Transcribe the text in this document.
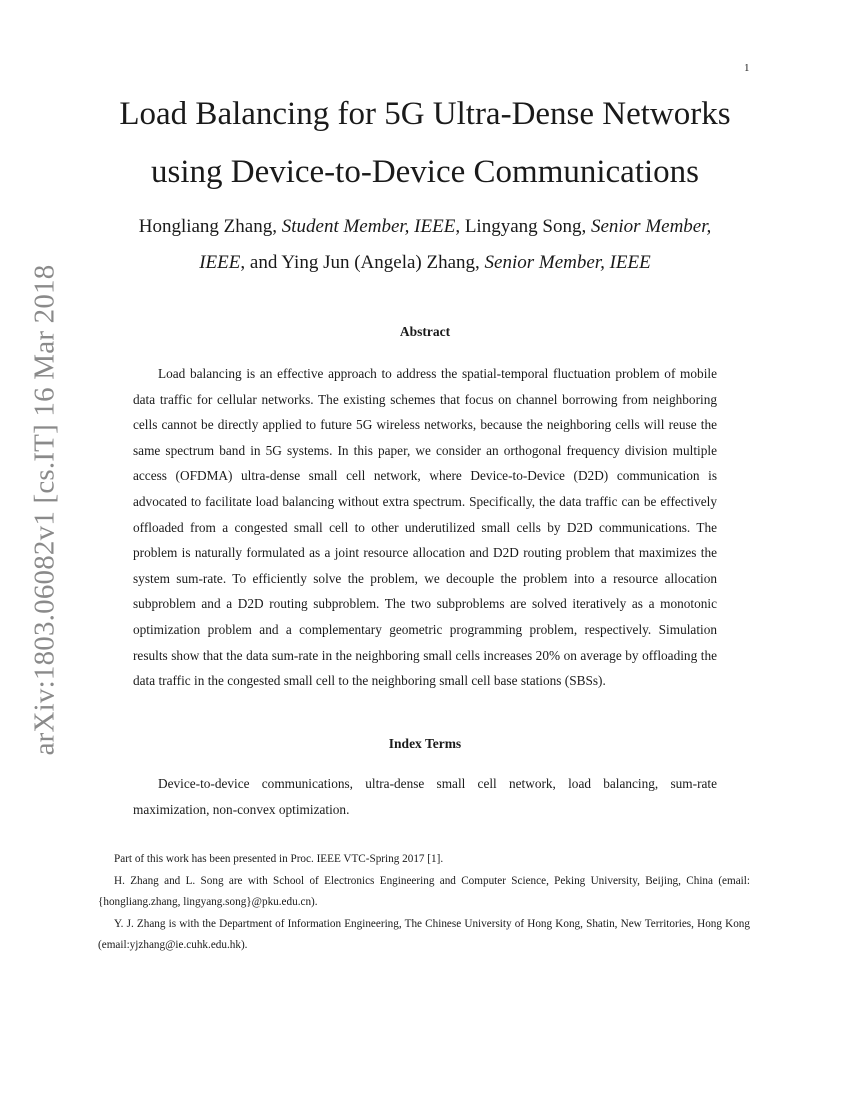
1
arXiv:1803.06082v1 [cs.IT] 16 Mar 2018
Load Balancing for 5G Ultra-Dense Networks
using Device-to-Device Communications
Hongliang Zhang, Student Member, IEEE, Lingyang Song, Senior Member,
IEEE, and Ying Jun (Angela) Zhang, Senior Member, IEEE
Abstract

Load balancing is an effective approach to address the spatial-temporal fluctuation problem of mobile data traffic for cellular networks. The existing schemes that focus on channel borrowing from neighboring cells cannot be directly applied to future 5G wireless networks, because the neighboring cells will reuse the same spectrum band in 5G systems. In this paper, we consider an orthogonal frequency division multiple access (OFDMA) ultra-dense small cell network, where Device-to-Device (D2D) communication is advocated to facilitate load balancing without extra spectrum. Specifically, the data traffic can be effectively offloaded from a congested small cell to other underutilized small cells by D2D communications. The problem is naturally formulated as a joint resource allocation and D2D routing problem that maximizes the system sum-rate. To efficiently solve the problem, we decouple the problem into a resource allocation subproblem and a D2D routing subproblem. The two subproblems are solved iteratively as a monotonic optimization problem and a complementary geometric programming problem, respectively. Simulation results show that the data sum-rate in the neighboring small cells increases 20% on average by offloading the data traffic in the congested small cell to the neighboring small cell base stations (SBSs).

Index Terms

Device-to-device communications, ultra-dense small cell network, load balancing, sum-rate maximization, non-convex optimization.

Part of this work has been presented in Proc. IEEE VTC-Spring 2017 [1].

H. Zhang and L. Song are with School of Electronics Engineering and Computer Science, Peking University, Beijing, China (email: {hongliang.zhang, lingyang.song}@pku.edu.cn).

Y. J. Zhang is with the Department of Information Engineering, The Chinese University of Hong Kong, Shatin, New Territories, Hong Kong (email:yjzhang@ie.cuhk.edu.hk).
